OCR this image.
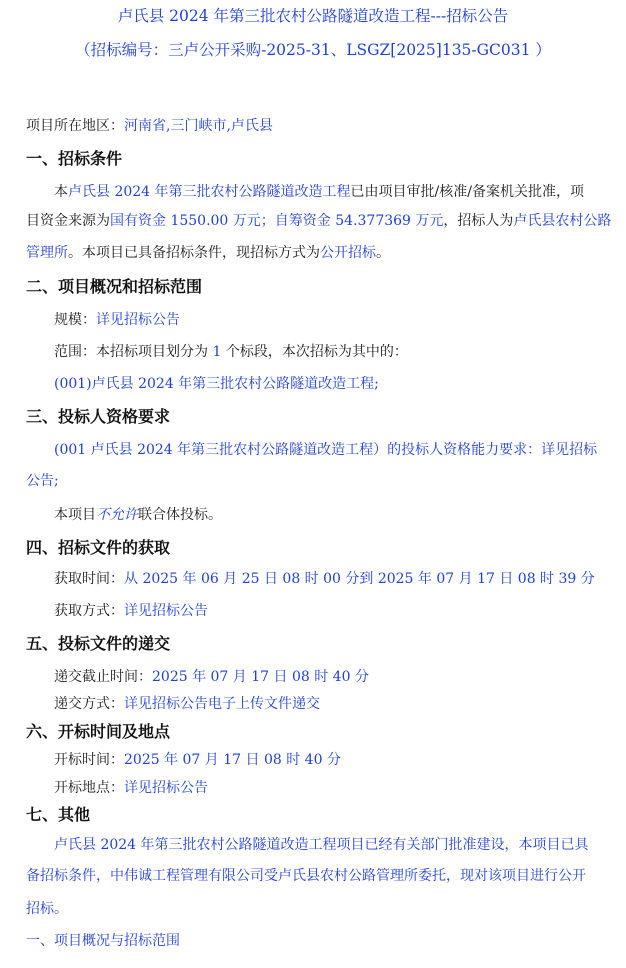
卢氏县 2024 年第三批农村公路隧道改造工程---招标公告
（招标编号：三卢公开采购-2025-31、LSGZ[2025]135-GC031 ）
项目所在地区：河南省,三门峡市,卢氏县
一、招标条件
本卢氏县 2024 年第三批农村公路隧道改造工程已由项目审批/核准/备案机关批准，项
目资金来源为国有资金 1550.00 万元；自筹资金 54.377369 万元，招标人为卢氏县农村公路
管理所。本项目已具备招标条件，现招标方式为公开招标。
二、项目概况和招标范围
规模：详见招标公告
范围：本招标项目划分为 1 个标段，本次招标为其中的：
(001)卢氏县 2024 年第三批农村公路隧道改造工程;
三、投标人资格要求
(001 卢氏县 2024 年第三批农村公路隧道改造工程）的投标人资格能力要求：详见招标
公告;
本项目不允许联合体投标。
四、招标文件的获取
获取时间：从 2025 年 06 月 25 日 08 时 00 分到 2025 年 07 月 17 日 08 时 39 分
获取方式：详见招标公告
五、投标文件的递交
递交截止时间：2025 年 07 月 17 日 08 时 40 分
递交方式：详见招标公告电子上传文件递交
六、开标时间及地点
开标时间：2025 年 07 月 17 日 08 时 40 分
开标地点：详见招标公告
七、其他
卢氏县 2024 年第三批农村公路隧道改造工程项目已经有关部门批准建设，本项目已具
备招标条件，中伟诚工程管理有限公司受卢氏县农村公路管理所委托，现对该项目进行公开
招标。
一、项目概况与招标范围
